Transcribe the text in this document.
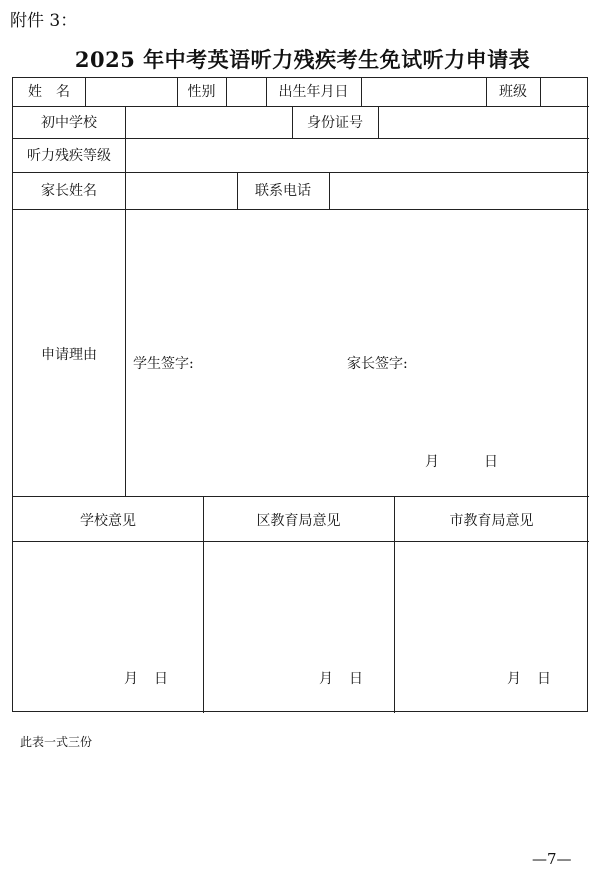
附件 3：
2025 年中考英语听力残疾考生免试听力申请表
姓　名	性别	出生年月日	班级
初中学校	身份证号
听力残疾等级
家长姓名	联系电话
申请理由
学生签字:	家长签字:
月	日
学校意见	区教育局意见	市教育局意见
月 日	月 日	月 日
此表一式三份
—7—
